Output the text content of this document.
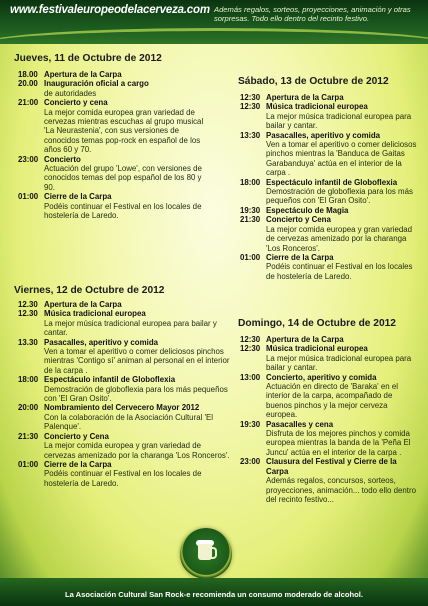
www.festivaleuropeodelacerveza.com Además regalos, sorteos, proyecciones, animación y otras sorpresas. Todo ello dentro del recinto festivo.
Jueves, 11 de Octubre de 2012
18.00 Apertura de la Carpa
20.00 Inauguración oficial a cargo
de autoridades
21:00 Concierto y cena
La mejor comida europea gran variedad de cervezas mientras escuchas al grupo musical 'La Neurastenia', con sus versiones de conocidos temas pop-rock en español de los años 60 y 70.
23:00 Concierto
Actuación del grupo 'Lowe', con versiones de conocidos temas del pop español de los 80 y 90.
01:00 Cierre de la Carpa
Podéis continuar el Festival en los locales de hostelería de Laredo.
Viernes, 12 de Octubre de 2012
12.30 Apertura de la Carpa
12.30 Música tradicional europea
La mejor música tradicional europea para bailar y cantar.
13.30 Pasacalles, aperitivo y comida
Ven a tomar el aperitivo o comer deliciosos pinchos mientras 'Contigo sí' animan al personal en el interior de la carpa .
18:00 Espectáculo infantil de Globoflexia
Demostración de globoflexia para los más pequeños con 'El Gran Osito'.
20:00 Nombramiento del Cervecero Mayor 2012
Con la colaboración de la Asociación Cultural 'El Palenque'.
21:30 Concierto y Cena
La mejor comida europea y gran variedad de cervezas amenizado por la charanga 'Los Ronceros'.
01:00 Cierre de la Carpa
Podéis continuar el Festival en los locales de hostelería de Laredo.
Sábado, 13 de Octubre de 2012
12:30 Apertura de la Carpa
12:30 Música tradicional europea
La mejor música tradicional europea para bailar y cantar.
13:30 Pasacalles, aperitivo y comida
Ven a tomar el aperitivo o comer deliciosos pinchos mientras la 'Banduca de Gaitas Garabanduya' actúa en el interior de la carpa .
18:00 Espectáculo infantil de Globoflexia
Demostración de globoflexia para los más pequeños con 'El Gran Osito'.
19:30 Espectáculo de Magia
21:30 Concierto y Cena
La mejor comida europea y gran variedad de cervezas amenizado por la charanga 'Los Ronceros'.
01:00 Cierre de la Carpa
Podéis continuar el Festival en los locales de hostelería de Laredo.
Domingo, 14 de Octubre de 2012
12:30 Apertura de la Carpa
12:30 Música tradicional europea
La mejor música tradicional europea para bailar y cantar.
13:00 Concierto, aperitivo y comida
Actuación en directo de 'Baraka' en el interior de la carpa, acompañado de buenos pinchos y la mejor cerveza europea.
19:30 Pasacalles y cena
Disfruta de los mejores pinchos y comida europea mientras la banda de la 'Peña El Juncu' actúa en el interior de la carpa .
23:00 Clausura del Festival y Cierre de la Carpa
Además regalos, concursos, sorteos, proyecciones, animación... todo ello dentro del recinto festivo...
La Asociación Cultural San Rock-e recomienda un consumo moderado de alcohol.
